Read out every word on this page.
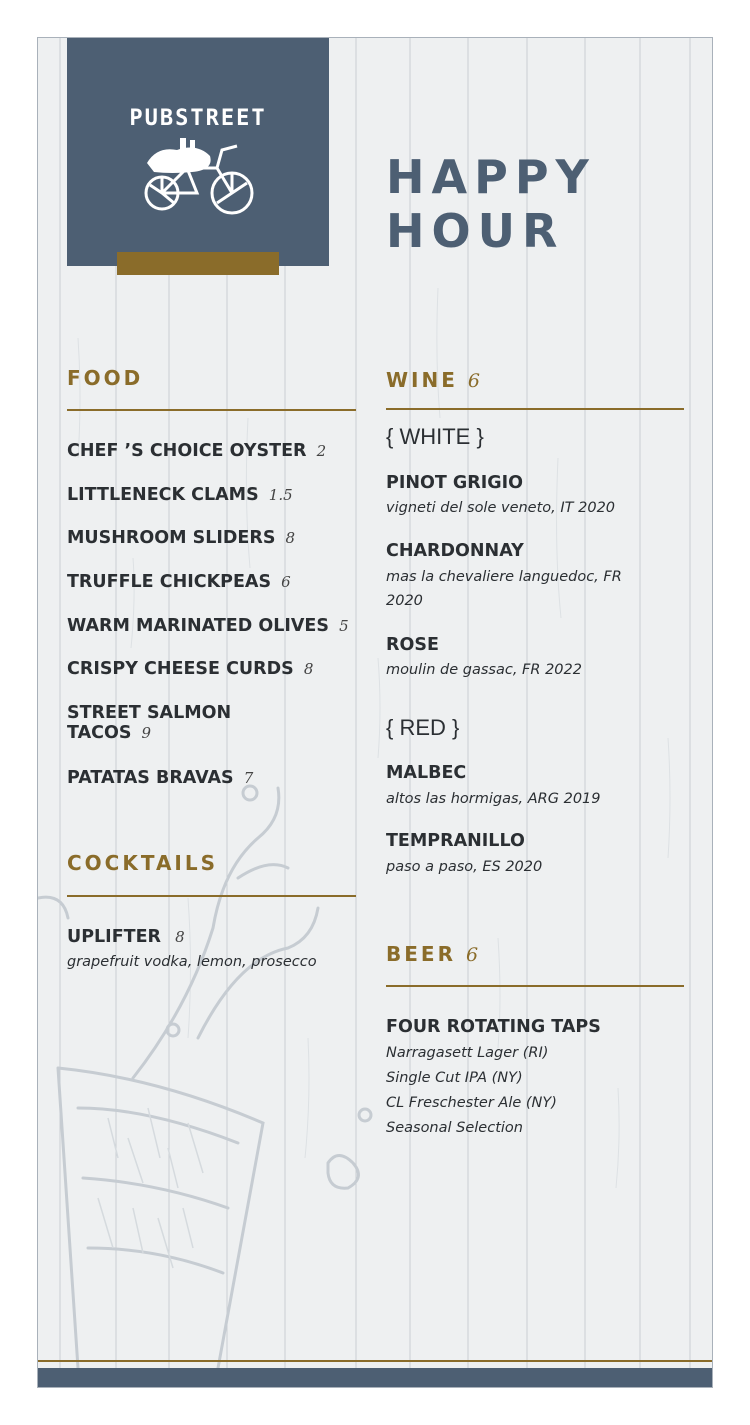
PUBSTREET
HAPPY
HOUR
FOOD
CHEF ’S CHOICE OYSTER 2
LITTLENECK CLAMS 1.5
MUSHROOM SLIDERS 8
TRUFFLE CHICKPEAS 6
WARM MARINATED OLIVES 5
CRISPY CHEESE CURDS 8
STREET SALMON
TACOS 9
PATATAS BRAVAS 7
COCKTAILS
UPLIFTER 8
grapefruit vodka, lemon, prosecco
WINE 6
{ WHITE }
PINOT GRIGIO
vigneti del sole veneto, IT 2020
CHARDONNAY
mas la chevaliere languedoc, FR
2020
ROSE
moulin de gassac, FR 2022
{ RED }
MALBEC
altos las hormigas, ARG 2019
TEMPRANILLO
paso a paso, ES 2020
BEER 6
FOUR ROTATING TAPS
Narragasett Lager (RI)
Single Cut IPA (NY)
CL Freschester Ale (NY)
Seasonal Selection
